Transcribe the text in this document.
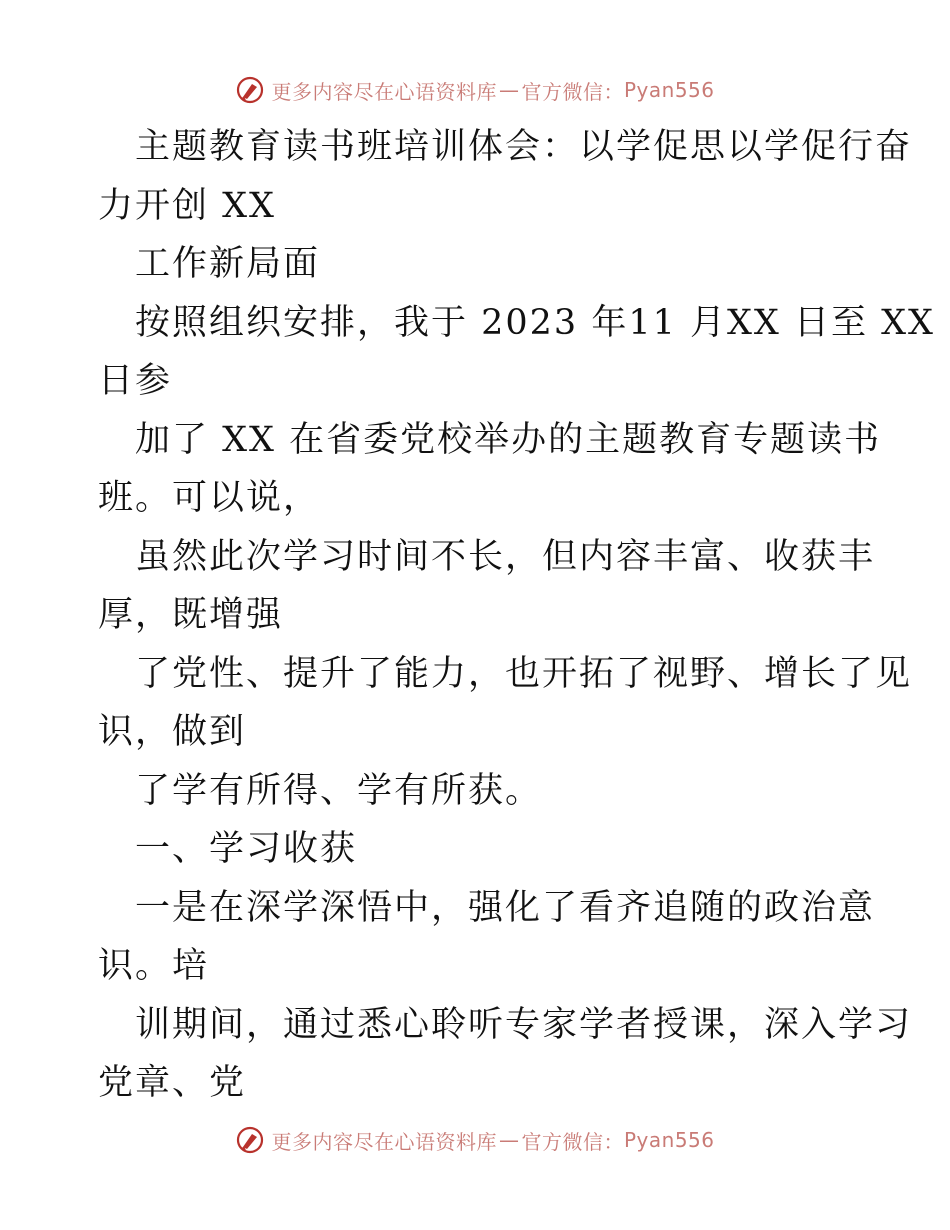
更多内容尽在心语资料库 — 官方微信： Pyan556
主题教育读书班培训体会：以学促思以学促行奋
力开创 XX
工作新局面
按照组织安排，我于 2023 年11 月XX 日至 XX
日参
加了 XX 在省委党校举办的主题教育专题读书
班。可以说，
虽然此次学习时间不长，但内容丰富、收获丰
厚，既增强
了党性、提升了能力，也开拓了视野、增长了见
识，做到
了学有所得、学有所获。
一、学习收获
一是在深学深悟中，强化了看齐追随的政治意
识。培
训期间，通过悉心聆听专家学者授课，深入学习
党章、党
更多内容尽在心语资料库 — 官方微信： Pyan556
